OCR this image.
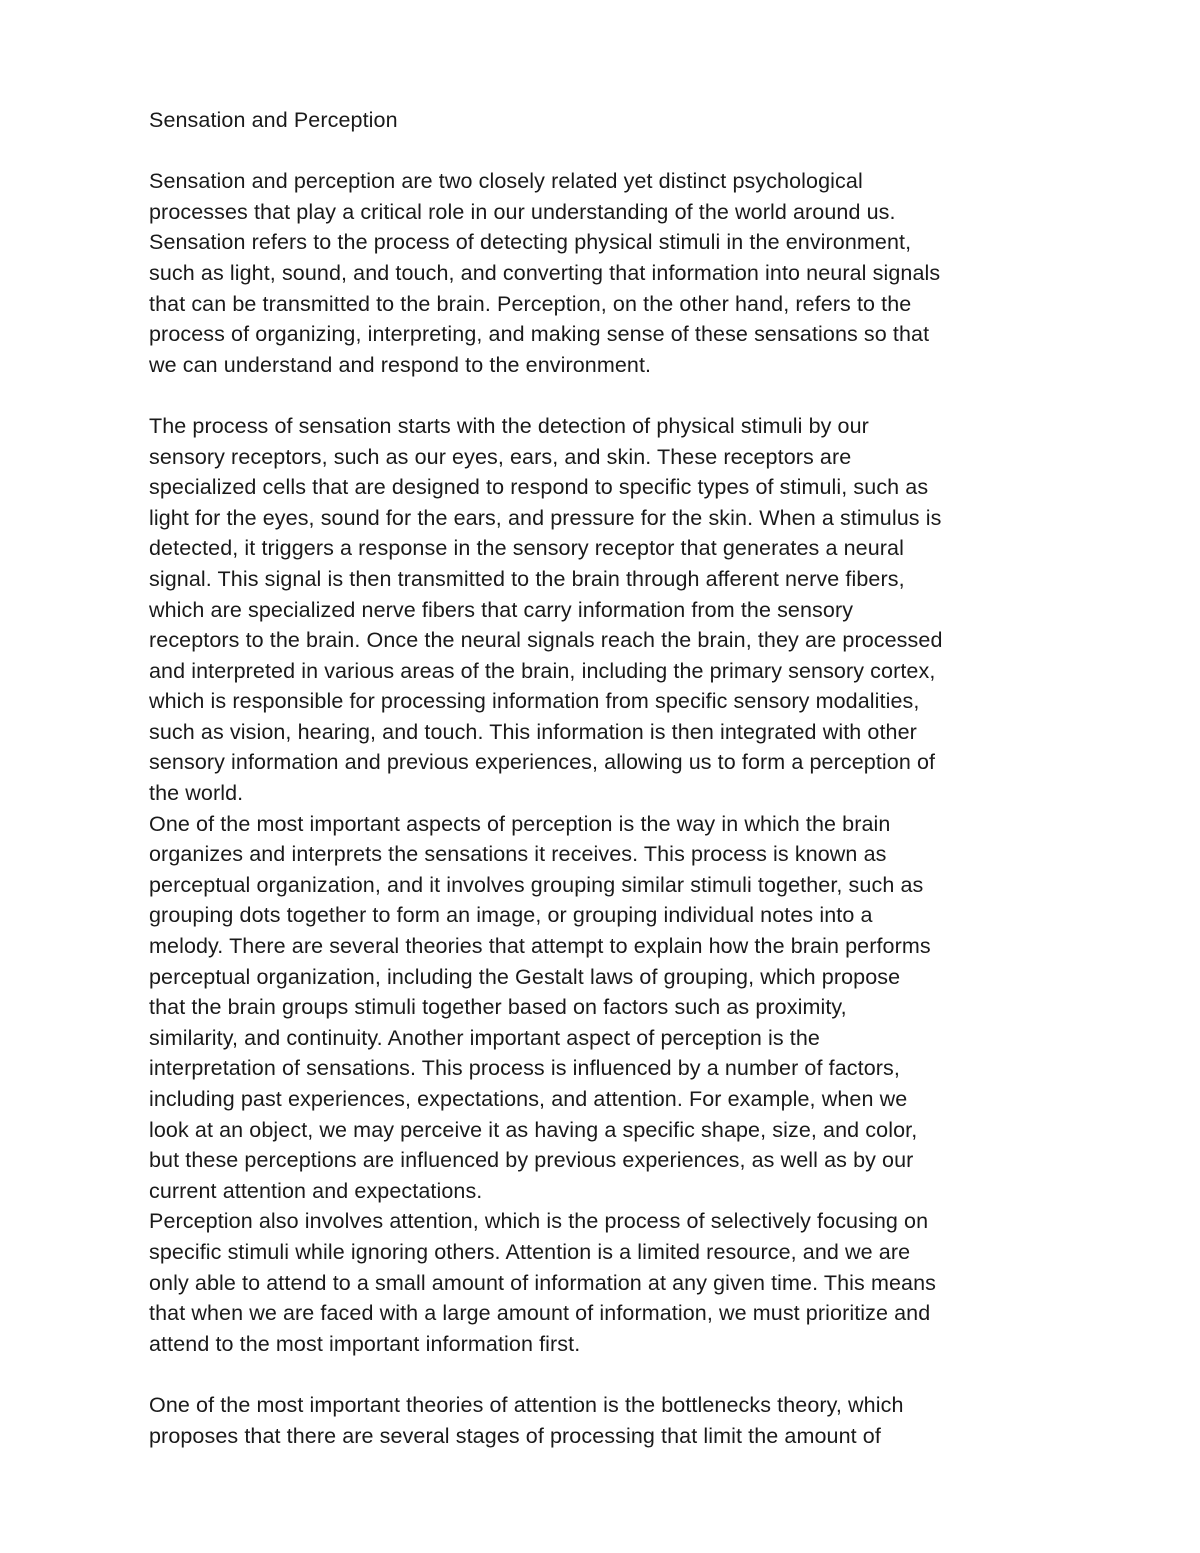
Sensation and Perception
Sensation and perception are two closely related yet distinct psychological
processes that play a critical role in our understanding of the world around us.
Sensation refers to the process of detecting physical stimuli in the environment,
such as light, sound, and touch, and converting that information into neural signals
that can be transmitted to the brain. Perception, on the other hand, refers to the
process of organizing, interpreting, and making sense of these sensations so that
we can understand and respond to the environment.
The process of sensation starts with the detection of physical stimuli by our
sensory receptors, such as our eyes, ears, and skin. These receptors are
specialized cells that are designed to respond to specific types of stimuli, such as
light for the eyes, sound for the ears, and pressure for the skin. When a stimulus is
detected, it triggers a response in the sensory receptor that generates a neural
signal. This signal is then transmitted to the brain through afferent nerve fibers,
which are specialized nerve fibers that carry information from the sensory
receptors to the brain. Once the neural signals reach the brain, they are processed
and interpreted in various areas of the brain, including the primary sensory cortex,
which is responsible for processing information from specific sensory modalities,
such as vision, hearing, and touch. This information is then integrated with other
sensory information and previous experiences, allowing us to form a perception of
the world.
One of the most important aspects of perception is the way in which the brain
organizes and interprets the sensations it receives. This process is known as
perceptual organization, and it involves grouping similar stimuli together, such as
grouping dots together to form an image, or grouping individual notes into a
melody. There are several theories that attempt to explain how the brain performs
perceptual organization, including the Gestalt laws of grouping, which propose
that the brain groups stimuli together based on factors such as proximity,
similarity, and continuity. Another important aspect of perception is the
interpretation of sensations. This process is influenced by a number of factors,
including past experiences, expectations, and attention. For example, when we
look at an object, we may perceive it as having a specific shape, size, and color,
but these perceptions are influenced by previous experiences, as well as by our
current attention and expectations.
Perception also involves attention, which is the process of selectively focusing on
specific stimuli while ignoring others. Attention is a limited resource, and we are
only able to attend to a small amount of information at any given time. This means
that when we are faced with a large amount of information, we must prioritize and
attend to the most important information first.
One of the most important theories of attention is the bottlenecks theory, which
proposes that there are several stages of processing that limit the amount of
